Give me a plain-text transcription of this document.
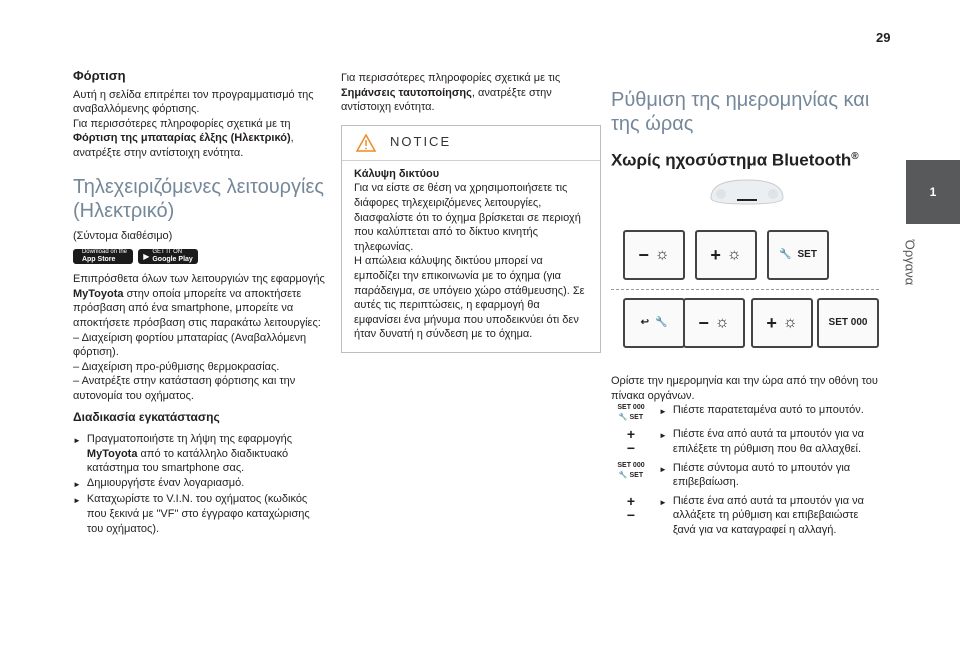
29
1
Όργανα
Φόρτιση

Αυτή η σελίδα επιτρέπει τον προγραμματισμό της αναβαλλόμενης φόρτισης.

Για περισσότερες πληροφορίες σχετικά με τη Φόρτιση της μπαταρίας έλξης (Ηλεκτρικό), ανατρέξτε στην αντίστοιχη ενότητα.

Τηλεχειριζόμενες λειτουργίες (Ηλεκτρικό)

(Σύντομα διαθέσιμο)

Download on the
App Store	▶ GET IT ON
Google Play

Επιπρόσθετα όλων των λειτουργιών της εφαρμογής MyToyota στην οποία μπορείτε να αποκτήσετε πρόσβαση από ένα smartphone, μπορείτε να αποκτήσετε πρόσβαση στις παρακάτω λειτουργίες:

– Διαχείριση φορτίου μπαταρίας (Αναβαλλόμενη φόρτιση).

– Διαχείριση προ-ρύθμισης θερμοκρασίας.

– Ανατρέξτε στην κατάσταση φόρτισης και την αυτονομία του οχήματος.

Διαδικασία εγκατάστασης
► Πραγματοποιήστε τη λήψη της εφαρμογής MyToyota από το κατάλληλο διαδικτυακό κατάστημα του smartphone σας.

► Δημιουργήστε έναν λογαριασμό.

► Καταχωρίστε το V.I.N. του οχήματος (κωδικός που ξεκινά με "VF" στο έγγραφο καταχώρισης του οχήματος).

Για περισσότερες πληροφορίες σχετικά με τις Σημάνσεις ταυτοποίησης, ανατρέξτε στην αντίστοιχη ενότητα.

NOTICE

Κάλυψη δικτύου

Για να είστε σε θέση να χρησιμοποιήσετε τις διάφορες τηλεχειριζόμενες λειτουργίες, διασφαλίστε ότι το όχημα βρίσκεται σε περιοχή που καλύπτεται από το δίκτυο κινητής τηλεφωνίας.

Η απώλεια κάλυψης δικτύου μπορεί να εμποδίζει την επικοινωνία με το όχημα (για παράδειγμα, σε υπόγειο χώρο στάθμευσης). Σε αυτές τις περιπτώσεις, η εφαρμογή θα εμφανίσει ένα μήνυμα που υποδεικνύει ότι δεν ήταν δυνατή η σύνδεση με το όχημα.

Ρύθμιση της ημερομηνίας και της ώρας
Χωρίς ηχοσύστημα Bluetooth®
− ☼ + ☼	🔧 SET
↩ 🔧 − ☼ + ☼	SET 000

Ορίστε την ημερομηνία και την ώρα από την οθόνη του πίνακα οργάνων.

SET 000
🔧 SET
► Πιέστε παρατεταμένα αυτό το μπουτόν.

+
−
► Πιέστε ένα από αυτά τα μπουτόν για να επιλέξετε τη ρύθμιση που θα αλλαχθεί.

SET 000
🔧 SET
► Πιέστε σύντομα αυτό το μπουτόν για επιβεβαίωση.

+
−
► Πιέστε ένα από αυτά τα μπουτόν για να αλλάξετε τη ρύθμιση και επιβεβαιώστε ξανά για να καταγραφεί η αλλαγή.
